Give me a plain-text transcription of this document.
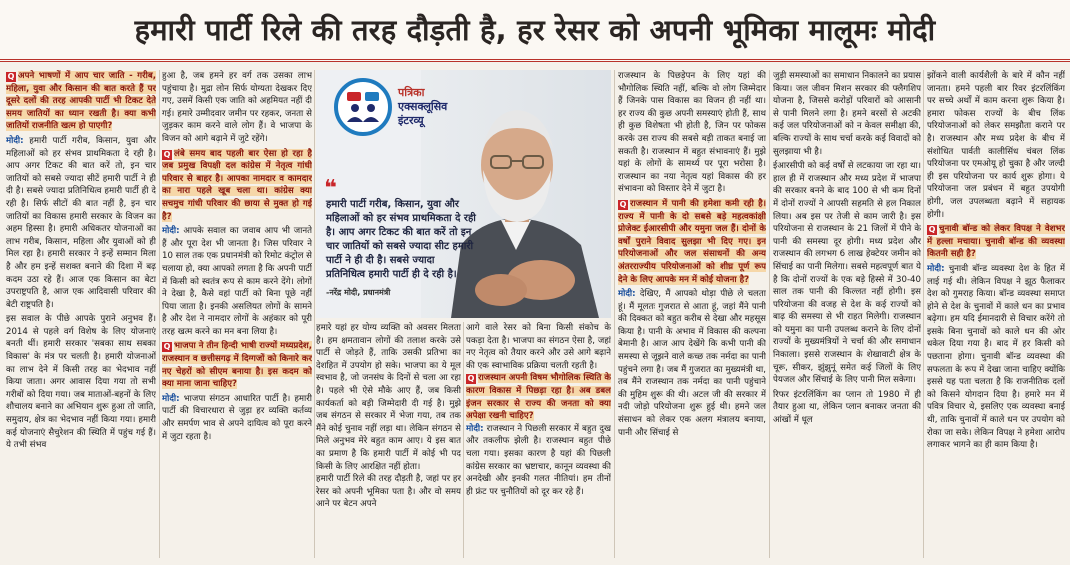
हमारी पार्टी रिले की तरह दौड़ती है, हर रेसर को अपनी भूमिका मालूमः मोदी

Q अपने भाषणों में आप चार जाति - गरीब, महिला, युवा और किसान की बात करते हैं पर दूसरे दलों की तरह आपकी पार्टी भी टिकट देते समय जातियों का ध्यान रखती है। क्या कभी जातियों राजनीति खत्म हो पाएगी?

मोदी: हमारी पार्टी गरीब, किसान, युवा और महिलाओं को हर संभव प्राथमिकता दे रही है। आप अगर टिकट की बात करें तो, इन चार जातियों को सबसे ज्यादा सीटें हमारी पार्टी ने ही दी है। सबसे ज्यादा प्रतिनिधित्व हमारी पार्टी ही दे रही है। सिर्फ सीटों की बात नहीं है, इन चार जातियों का विकास हमारी सरकार के विजन का अहम हिस्सा है। हमारी अधिकतर योजनाओं का लाभ गरीब, किसान, महिला और युवाओं को ही मिल रहा है। हमारी सरकार ने इन्हें सम्मान मिला है और हम इन्हें सशक्त बनाने की दिशा में बढ़ कदम उठा रहे हैं। आज एक किसान का बेटा उपराष्ट्रपति है, आज एक आदिवासी परिवार की बेटी राष्ट्रपति है।

इस सवाल के पीछे आपके पुराने अनुभव हैं। 2014 से पहले वर्ग विशेष के लिए योजनाएं बनती थीं। हमारी सरकार 'सबका साथ सबका विकास' के मंत्र पर चलती है। हमारी योजनाओं का लाभ देने में किसी तरह का भेदभाव नहीं किया जाता। अगर आवास दिया गया तो सभी गरीबों को दिया गया। जब माताओं-बहनों के लिए शौचालय बनाने का अभियान शुरू हुआ तो जाति, समुदाय, क्षेत्र का भेदभाव नहीं किया गया। हमारी कई योजनाएं सैचुरेशन की स्थिति में पहुंच गई हैं। ये तभी संभव

हुआ है, जब हमने हर वर्ग तक उसका लाभ पहुंचाया है। मुद्रा लोन सिर्फ योग्यता देखकर दिए गए, उसमें किसी एक जाति को अहमियत नहीं दी गई। हमारे उम्मीदवार जमीन पर रहकर, जनता से जुड़कर काम करने वाले लोग हैं। वे भाजपा के विजन को आगे बढ़ाने में जुटे रहेंगे।

Q लंबे समय बाद पहली बार ऐसा हो रहा है जब प्रमुख विपक्षी दल कांग्रेस में नेतृत्व गांधी परिवार से बाहर है। आपका नामदार व कामदार का नारा पहले खूब चला था। कांग्रेस क्या सचमुच गांधी परिवार की छाया से मुक्त हो गई है?

मोदी: आपके सवाल का जवाब आप भी जानते हैं और पूरा देश भी जानता है। जिस परिवार ने 10 साल तक एक प्रधानमंत्री को रिमोट कंट्रोल से चलाया हो, क्या आपको लगता है कि अपनी पार्टी में किसी को स्वतंत्र रूप से काम करने देंगे। लोगों ने देखा है, कैसे वहां पार्टी को बिना पूछे नहीं पिया जाता है। इनकी असलियत लोगों के सामने है और देश ने नामदार लोगों के अहंकार को पूरी तरह खत्म करने का मन बना लिया है।

Q भाजपा ने तीन हिन्दी भाषी राज्यों मध्यप्रदेश, राजस्थान व छत्तीसगढ़ में दिग्गजों को किनारे कर नए चेहरों को सीएम बनाया है। इस कदम को क्या माना जाना चाहिए?

मोदी: भाजपा संगठन आधारित पार्टी है। हमारी पार्टी की विचारधारा से जुड़ा हर व्यक्ति कर्तव्य और समर्पण भाव से अपने दायित्व को पूरा करने में जुटा रहता है।

पत्रिका
एक्सक्लूसिव
इंटरव्यू
❝
हमारी पार्टी गरीब, किसान, युवा और महिलाओं को हर संभव प्राथमिकता दे रही है। आप अगर टिकट की बात करें तो इन चार जातियों को सबसे ज्यादा सीट हमारी पार्टी ने ही दी है। सबसे ज्यादा प्रतिनिधित्व हमारी पार्टी ही दे रही है।
-नरेंद्र मोदी, प्रधानमंत्री

हमारे यहां हर योग्य व्यक्ति को अवसर मिलता है। हम क्षमतावान लोगों की तलाश करके उसे पार्टी से जोड़ते हैं, ताकि उसकी प्रतिभा का देशहित में उपयोग हो सके। भाजपा का ये मूल स्वभाव है, जो जनसंघ के दिनों से चला आ रहा है। पहले भी ऐसे मौके आए हैं, जब किसी कार्यकर्ता को बड़ी जिम्मेदारी दी गई है। मुझे जब संगठन से सरकार में भेजा गया, तब तक मैंने कोई चुनाव नहीं लड़ा था। लेकिन संगठन से मिले अनुभव मेरे बहुत काम आए। ये इस बात का प्रमाण है कि हमारी पार्टी में कोई भी पद किसी के लिए आरक्षित नहीं होता।

हमारी पार्टी रिले की तरह दौड़ती है, जहां पर हर रेसर को अपनी भूमिका पता है। और वो समय आने पर बेटन अपने

आगे वाले रेसर को बिना किसी संकोच के पकड़ा देता है। भाजपा का संगठन ऐसा है, जहां नए नेतृत्व को तैयार करने और उसे आगे बढ़ाने की एक स्वाभाविक प्रक्रिया चलती रहती है।

Q राजस्थान अपनी विषम भौगोलिक स्थिति के कारण विकास में पिछड़ा रहा है। अब डबल इंजन सरकार से राज्य की जनता को क्या अपेक्षा रखनी चाहिए?

मोदी: राजस्थान ने पिछली सरकार में बहुत दुख और तकलीफ झेली है। राजस्थान बहुत पीछे चला गया। इसका कारण है यहां की पिछली कांग्रेस सरकार का भ्रष्टाचार, कानून व्यवस्था की अनदेखी और इनकी गलत नीतियां। हम तीनों ही फ्रंट पर चुनौतियों को दूर कर रहे हैं।

राजस्थान के पिछड़ेपन के लिए यहां की भौगोलिक स्थिति नहीं, बल्कि वो लोग जिम्मेदार हैं जिनके पास विकास का विजन ही नहीं था। हर राज्य की कुछ अपनी समस्याएं होती हैं, साथ ही कुछ विशेषता भी होती है, जिन पर फोकस करके उस राज्य की सबसे बड़ी ताकत बनाई जा सकती है। राजस्थान में बहुत संभावनाएं हैं। मुझे यहां के लोगों के सामर्थ्य पर पूरा भरोसा है। राजस्थान का नया नेतृत्व यहां विकास की हर संभावना को विस्तार देने में जुटा है।

Q राजस्थान में पानी की हमेशा कमी रही है। राज्य में पानी के दो सबसे बड़े महत्वकांक्षी प्रोजेक्ट ईआरसीपी और यमुना जल हैं। दोनों के वर्षों पुराने विवाद सुलझा भी दिए गए। इन परियोजनाओं और जल संसाधनों की अन्य अंतरराज्यीय परियोजनाओं को शीघ्र पूर्ण रूप देने के लिए आपके मन में कोई योजना है?

मोदी: देखिए, मैं आपको थोड़ा पीछे ले चलता हूं। मैं मूलतः गुजरात से आता हूं, जहां मैंने पानी की दिक्कत को बहुत करीब से देखा और महसूस किया है। पानी के अभाव में विकास की कल्पना बेमानी है। आज आप देखेंगे कि कभी पानी की समस्या से जूझने वाले कच्छ तक नर्मदा का पानी पहुंचने लगा है। जब मैं गुजरात का मुख्यमंत्री था, तब मैंने राजस्थान तक नर्मदा का पानी पहुंचाने की मुहिम शुरू की थी। अटल जी की सरकार में नदी जोड़ो परियोजना शुरू हुई थी। हमने जल संसाधन को लेकर एक अलग मंत्रालय बनाया, पानी और सिंचाई से

जुड़ी समस्याओं का समाधान निकालने का प्रयास किया। जल जीवन मिशन सरकार की फ्लैगशिप योजना है, जिससे करोड़ों परिवारों को आसानी से पानी मिलने लगा है। हमने बरसों से अटकी कई जल परियोजनाओं को न केवल समीक्षा की, बल्कि राज्यों के साथ चर्चा करके कई विवादों को सुलझाया भी है।

ईआरसीपी को कई वर्षों से लटकाया जा रहा था। हाल ही में राजस्थान और मध्य प्रदेश में भाजपा की सरकार बनने के बाद 100 से भी कम दिनों में दोनों राज्यों ने आपसी सहमति से हल निकाल लिया। अब इस पर तेजी से काम जारी है। इस परियोजना से राजस्थान के 21 जिलों में पीने के पानी की समस्या दूर होगी। मध्य प्रदेश और राजस्थान की लगभग 6 लाख हेक्टेयर जमीन को सिंचाई का पानी मिलेगा। सबसे महत्वपूर्ण बात ये है कि दोनों राज्यों के एक बड़े हिस्से में 30-40 साल तक पानी की किल्लत नहीं होगी। इस परियोजना की वजह से देश के कई राज्यों को बाढ़ की समस्या से भी राहत मिलेगी। राजस्थान को यमुना का पानी उपलब्ध कराने के लिए दोनों राज्यों के मुख्यमंत्रियों ने चर्चा की और समाधान निकाला। इससे राजस्थान के शेखावाटी क्षेत्र के चूरू, सीकर, झुंझुनूं समेत कई जिलों के लिए पेयजल और सिंचाई के लिए पानी मिल सकेगा।

रिफर इंटरलिंकिंग का प्लान तो 1980 में ही तैयार हुआ था, लेकिन प्लान बनाकर जनता की आंखों में धूल

झोंकने वाली कार्यशैली के बारे में कौन नहीं जानता। हमने पहली बार रिवर इंटरलिंकिंग पर सच्चे अर्थों में काम करना शुरू किया है। हमारा फोकस राज्यों के बीच लिंक परियोजनाओं को लेकर समझौता कराने पर है। राजस्थान और मध्य प्रदेश के बीच में संशोधित पार्वती कालीसिंध चंबल लिंक परियोजना पर एमओयू हो चुका है और जल्दी ही इस परियोजना पर कार्य शुरू होगा। ये परियोजना जल प्रबंधन में बहुत उपयोगी होगी, जल उपलब्धता बढ़ाने में सहायक होगी।

Q चुनावी बॉन्ड को लेकर विपक्ष ने वेशभर में हल्ला मचाया। चुनावी बॉन्ड की व्यवस्था कितनी सही है?

मोदी: चुनावी बॉन्ड व्यवस्था देश के हित में लाई गई थी। लेकिन विपक्ष ने झूठ फैलाकर देश को गुमराह किया। बॉन्ड व्यवस्था समाप्त होने से देश के चुनावों में काले धन का प्रभाव बढ़ेगा। हम यदि ईमानदारी से विचार करेंगे तो इसके बिना चुनावों को काले धन की ओर धकेल दिया गया है। बाद में हर किसी को पछताना होगा। चुनावी बॉन्ड व्यवस्था की सफलता के रूप में देखा जाना चाहिए क्योंकि इससे यह पता चलता है कि राजनीतिक दलों को किसने योगदान दिया है। हमारे मन में पवित्र विचार थे, इसलिए एक व्यवस्था बनाई थी, ताकि चुनावों में काले धन पर उपयोग को रोका जा सके। लेकिन विपक्ष ने हमेशा आरोप लगाकर भागने का ही काम किया है।
